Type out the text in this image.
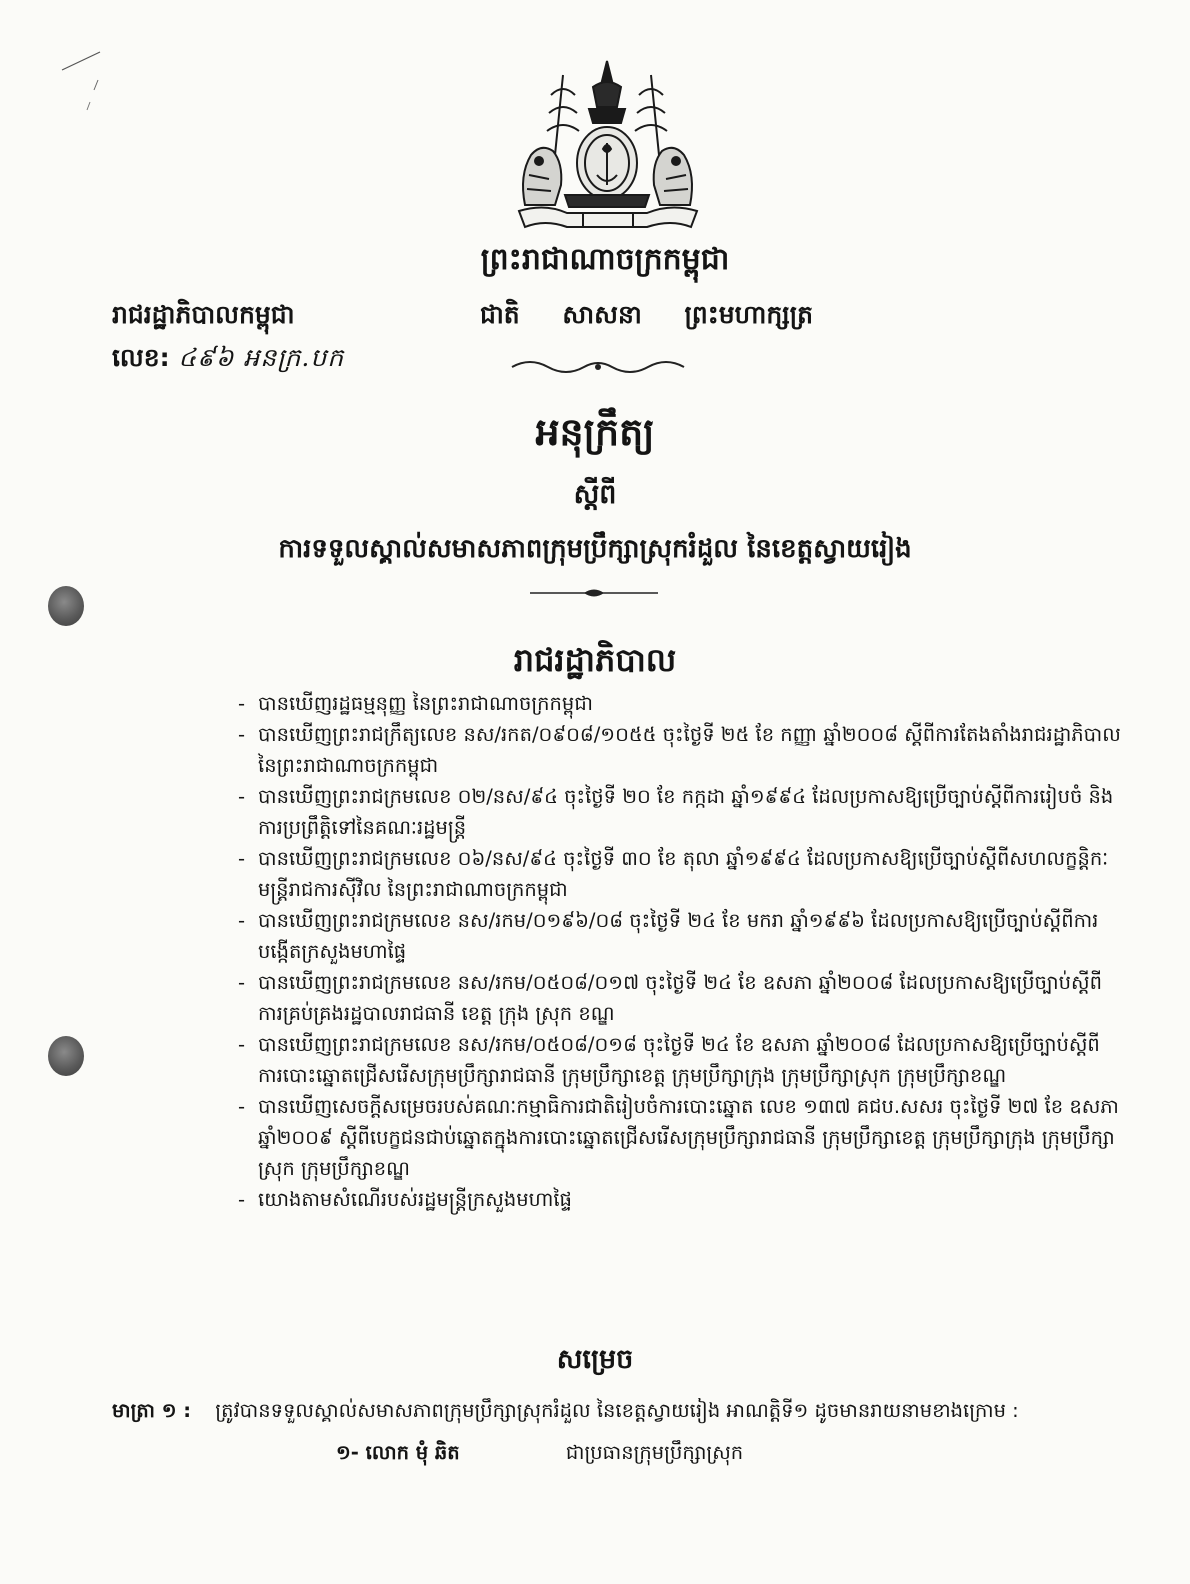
ព្រះរាជាណាចក្រកម្ពុជា
រាជរដ្ឋាភិបាលកម្ពុជា	ជាតិ សាសនា ព្រះមហាក្សត្រ
លេខ: ៤៩៦ អនក្រ.បក
អនុក្រឹត្យ
ស្តីពី
ការទទួលស្គាល់សមាសភាពក្រុមប្រឹក្សាស្រុករំដួល នៃខេត្តស្វាយរៀង
រាជរដ្ឋាភិបាល
- បានឃើញរដ្ឋធម្មនុញ្ញ នៃព្រះរាជាណាចក្រកម្ពុជា
- បានឃើញព្រះរាជក្រឹត្យលេខ នស/រកត/០៩០៨/១០៥៥ ចុះថ្ងៃទី ២៥ ខែ កញ្ញា ឆ្នាំ២០០៨ ស្តីពីការតែងតាំងរាជរដ្ឋាភិបាល នៃព្រះរាជាណាចក្រកម្ពុជា
- បានឃើញព្រះរាជក្រមលេខ ០២/នស/៩៤ ចុះថ្ងៃទី ២០ ខែ កក្កដា ឆ្នាំ១៩៩៤ ដែលប្រកាសឱ្យប្រើច្បាប់ស្តីពីការរៀបចំ និងការប្រព្រឹត្តិទៅនៃគណៈរដ្ឋមន្ត្រី
- បានឃើញព្រះរាជក្រមលេខ ០៦/នស/៩៤ ចុះថ្ងៃទី ៣០ ខែ តុលា ឆ្នាំ១៩៩៤ ដែលប្រកាសឱ្យប្រើច្បាប់ស្តីពីសហលក្ខន្តិកៈមន្ត្រីរាជការស៊ីវិល នៃព្រះរាជាណាចក្រកម្ពុជា
- បានឃើញព្រះរាជក្រមលេខ នស/រកម/០១៩៦/០៨ ចុះថ្ងៃទី ២៤ ខែ មករា ឆ្នាំ១៩៩៦ ដែលប្រកាសឱ្យប្រើច្បាប់ស្តីពីការបង្កើតក្រសួងមហាផ្ទៃ
- បានឃើញព្រះរាជក្រមលេខ នស/រកម/០៥០៨/០១៧ ចុះថ្ងៃទី ២៤ ខែ ឧសភា ឆ្នាំ២០០៨ ដែលប្រកាសឱ្យប្រើច្បាប់ស្តីពីការគ្រប់គ្រងរដ្ឋបាលរាជធានី ខេត្ត ក្រុង ស្រុក ខណ្ឌ
- បានឃើញព្រះរាជក្រមលេខ នស/រកម/០៥០៨/០១៨ ចុះថ្ងៃទី ២៤ ខែ ឧសភា ឆ្នាំ២០០៨ ដែលប្រកាសឱ្យប្រើច្បាប់ស្តីពីការបោះឆ្នោតជ្រើសរើសក្រុមប្រឹក្សារាជធានី ក្រុមប្រឹក្សាខេត្ត ក្រុមប្រឹក្សាក្រុង ក្រុមប្រឹក្សាស្រុក ក្រុមប្រឹក្សាខណ្ឌ
- បានឃើញសេចក្តីសម្រេចរបស់គណៈកម្មាធិការជាតិរៀបចំការបោះឆ្នោត លេខ ១៣៧ គជប.សសរ ចុះថ្ងៃទី ២៧ ខែ ឧសភា ឆ្នាំ២០០៩ ស្តីពីបេក្ខជនជាប់ឆ្នោតក្នុងការបោះឆ្នោតជ្រើសរើសក្រុមប្រឹក្សារាជធានី ក្រុមប្រឹក្សាខេត្ត ក្រុមប្រឹក្សាក្រុង ក្រុមប្រឹក្សាស្រុក ក្រុមប្រឹក្សាខណ្ឌ
- យោងតាមសំណើរបស់រដ្ឋមន្ត្រីក្រសួងមហាផ្ទៃ
សម្រេច
មាត្រា ១ : ត្រូវបានទទួលស្គាល់សមាសភាពក្រុមប្រឹក្សាស្រុករំដួល នៃខេត្តស្វាយរៀង អាណត្តិទី១ ដូចមានរាយនាមខាងក្រោម :
១- លោក មុំ ឆិត	ជាប្រធានក្រុមប្រឹក្សាស្រុក
